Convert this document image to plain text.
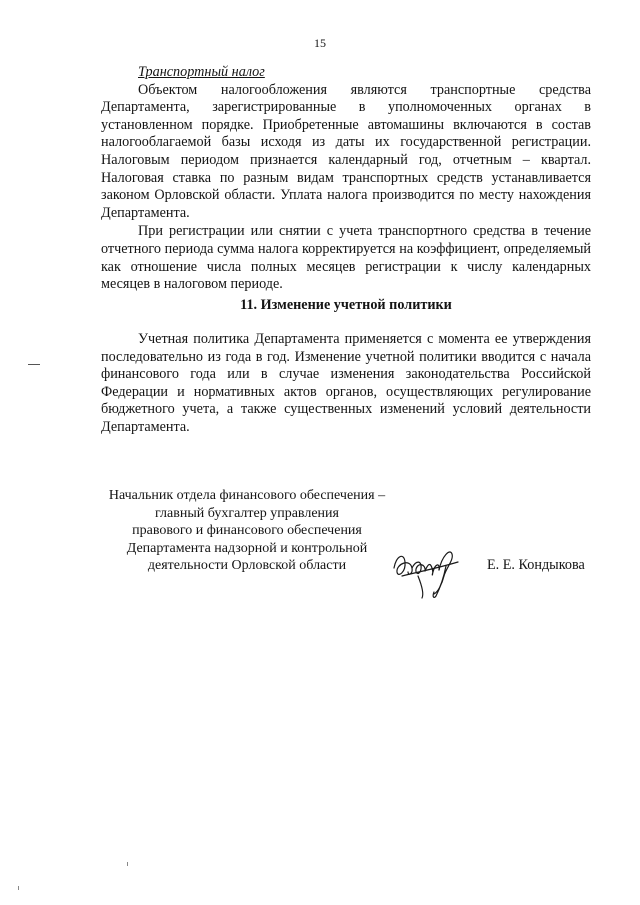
15
Транспортный налог

Объектом налогообложения являются транспортные средства Департамента, зарегистрированные в уполномоченных органах в установленном порядке. Приобретенные автомашины включаются в состав налогооблагаемой базы исходя из даты их государственной регистрации. Налоговым периодом признается календарный год, отчетным – квартал. Налоговая ставка по разным видам транспортных средств устанавливается законом Орловской области. Уплата налога производится по месту нахождения Департамента.

При регистрации или снятии с учета транспортного средства в течение отчетного периода сумма налога корректируется на коэффициент, определяемый как отношение числа полных месяцев регистрации к числу календарных месяцев в налоговом периоде.

11. Изменение учетной политики

Учетная политика Департамента применяется с момента ее утверждения последовательно из года в год. Изменение учетной политики вводится с начала финансового года или в случае изменения законодательства Российской Федерации и нормативных актов органов, осуществляющих регулирование бюджетного учета, а также существенных изменений условий деятельности Департамента.

Начальник отдела финансового обеспечения –
главный бухгалтер управления
правового и финансового обеспечения
Департамента надзорной и контрольной
деятельности Орловской области	Е. Е. Кондыкова
